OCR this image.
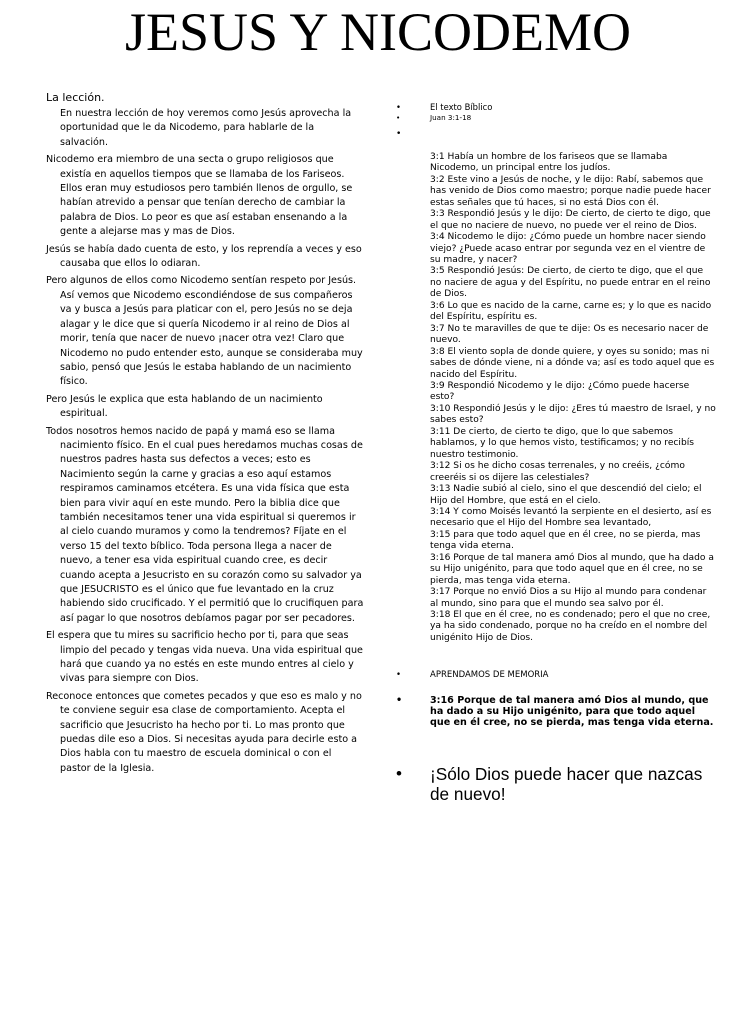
JESUS Y NICODEMO
La lección.

En nuestra lección de hoy veremos como Jesús aprovecha la oportunidad que le da Nicodemo, para hablarle de la salvación.

Nicodemo era miembro de una secta o grupo religiosos que existía en aquellos tiempos que se llamaba de los Fariseos. Ellos eran muy estudiosos pero también llenos de orgullo, se habían atrevido a pensar que tenían derecho de cambiar la palabra de Dios. Lo peor es que así estaban ensenando a la gente a alejarse mas y mas de Dios.

Jesús se había dado cuenta de esto, y los reprendía a veces y eso causaba que ellos lo odiaran.

Pero algunos de ellos como Nicodemo sentían respeto por Jesús. Así vemos que Nicodemo escondiéndose de sus compañeros va y busca a Jesús para platicar con el, pero Jesús no se deja alagar y le dice que si quería Nicodemo ir al reino de Dios al morir, tenía que nacer de nuevo ¡nacer otra vez! Claro que Nicodemo no pudo entender esto, aunque se consideraba muy sabio, pensó que Jesús le estaba hablando de un nacimiento físico.

Pero Jesús le explica que esta hablando de un nacimiento espiritual.

Todos nosotros hemos nacido de papá y mamá eso se llama nacimiento físico. En el cual pues heredamos muchas cosas de nuestros padres hasta sus defectos a veces; esto es Nacimiento según la carne y gracias a eso aquí estamos respiramos caminamos etcétera. Es una vida física que esta bien para vivir aquí en este mundo. Pero la biblia dice que también necesitamos tener una vida espiritual si queremos ir al cielo cuando muramos y como la tendremos? Fíjate en el verso 15 del texto bíblico. Toda persona llega a nacer de nuevo, a tener esa vida espiritual cuando cree, es decir cuando acepta a Jesucristo en su corazón como su salvador ya que JESUCRISTO es el único que fue levantado en la cruz habiendo sido crucificado. Y el permitió que lo crucifiquen para así pagar lo que nosotros debíamos pagar por ser pecadores.

El espera que tu mires su sacrificio hecho por ti, para que seas limpio del pecado y tengas vida nueva. Una vida espiritual que hará que cuando ya no estés en este mundo entres al cielo y vivas para siempre con Dios.

Reconoce entonces que cometes pecados y que eso es malo y no te conviene seguir esa clase de comportamiento. Acepta el sacrificio que Jesucristo ha hecho por ti. Lo mas pronto que puedas dile eso a Dios. Si necesitas ayuda para decirle esto a Dios habla con tu maestro de escuela dominical o con el pastor de la Iglesia.

•	El texto Bíblico
•	Juan 3:1-18

•

3:1 Había un hombre de los fariseos que se llamaba Nicodemo, un principal entre los judíos.
3:2 Este vino a Jesús de noche, y le dijo: Rabí, sabemos que has venido de Dios como maestro; porque nadie puede hacer estas señales que tú haces, si no está Dios con él.
3:3 Respondió Jesús y le dijo: De cierto, de cierto te digo, que el que no naciere de nuevo, no puede ver el reino de Dios.
3:4 Nicodemo le dijo: ¿Cómo puede un hombre nacer siendo viejo? ¿Puede acaso entrar por segunda vez en el vientre de su madre, y nacer?
3:5 Respondió Jesús: De cierto, de cierto te digo, que el que no naciere de agua y del Espíritu, no puede entrar en el reino de Dios.
3:6 Lo que es nacido de la carne, carne es; y lo que es nacido del Espíritu, espíritu es.
3:7 No te maravilles de que te dije: Os es necesario nacer de nuevo.
3:8 El viento sopla de donde quiere, y oyes su sonido; mas ni sabes de dónde viene, ni a dónde va; así es todo aquel que es nacido del Espíritu.
3:9 Respondió Nicodemo y le dijo: ¿Cómo puede hacerse esto?
3:10 Respondió Jesús y le dijo: ¿Eres tú maestro de Israel, y no sabes esto?
3:11 De cierto, de cierto te digo, que lo que sabemos hablamos, y lo que hemos visto, testificamos; y no recibís nuestro testimonio.
3:12 Si os he dicho cosas terrenales, y no creéis, ¿cómo creeréis si os dijere las celestiales?
3:13 Nadie subió al cielo, sino el que descendió del cielo; el Hijo del Hombre, que está en el cielo.
3:14 Y como Moisés levantó la serpiente en el desierto, así es necesario que el Hijo del Hombre sea levantado,
3:15 para que todo aquel que en él cree, no se pierda, mas tenga vida eterna.
3:16 Porque de tal manera amó Dios al mundo, que ha dado a su Hijo unigénito, para que todo aquel que en él cree, no se pierda, mas tenga vida eterna.
3:17 Porque no envió Dios a su Hijo al mundo para condenar al mundo, sino para que el mundo sea salvo por él.
3:18 El que en él cree, no es condenado; pero el que no cree, ya ha sido condenado, porque no ha creído en el nombre del unigénito Hijo de Dios.

•	APRENDAMOS DE MEMORIA
•	3:16 Porque de tal manera amó Dios al mundo, que ha dado a su Hijo unigénito, para que todo aquel que en él cree, no se pierda, mas tenga vida eterna.
• ¡Sólo Dios puede hacer que nazcas de nuevo!
